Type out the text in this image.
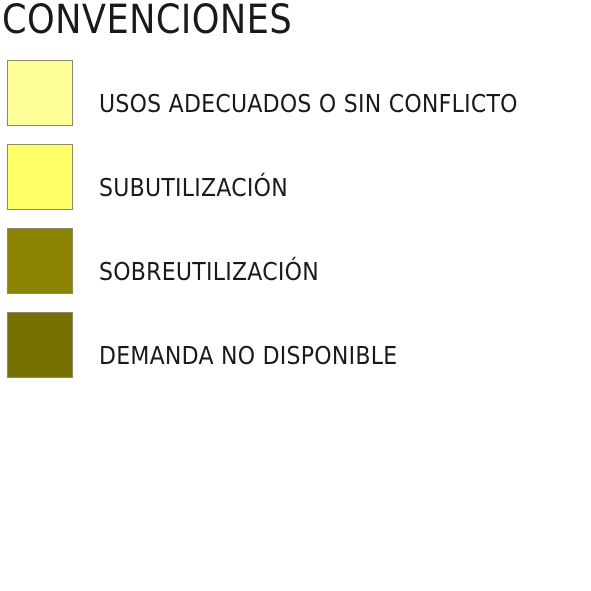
CONVENCIONES
USOS ADECUADOS O SIN CONFLICTO
SUBUTILIZACIÓN
SOBREUTILIZACIÓN
DEMANDA NO DISPONIBLE
